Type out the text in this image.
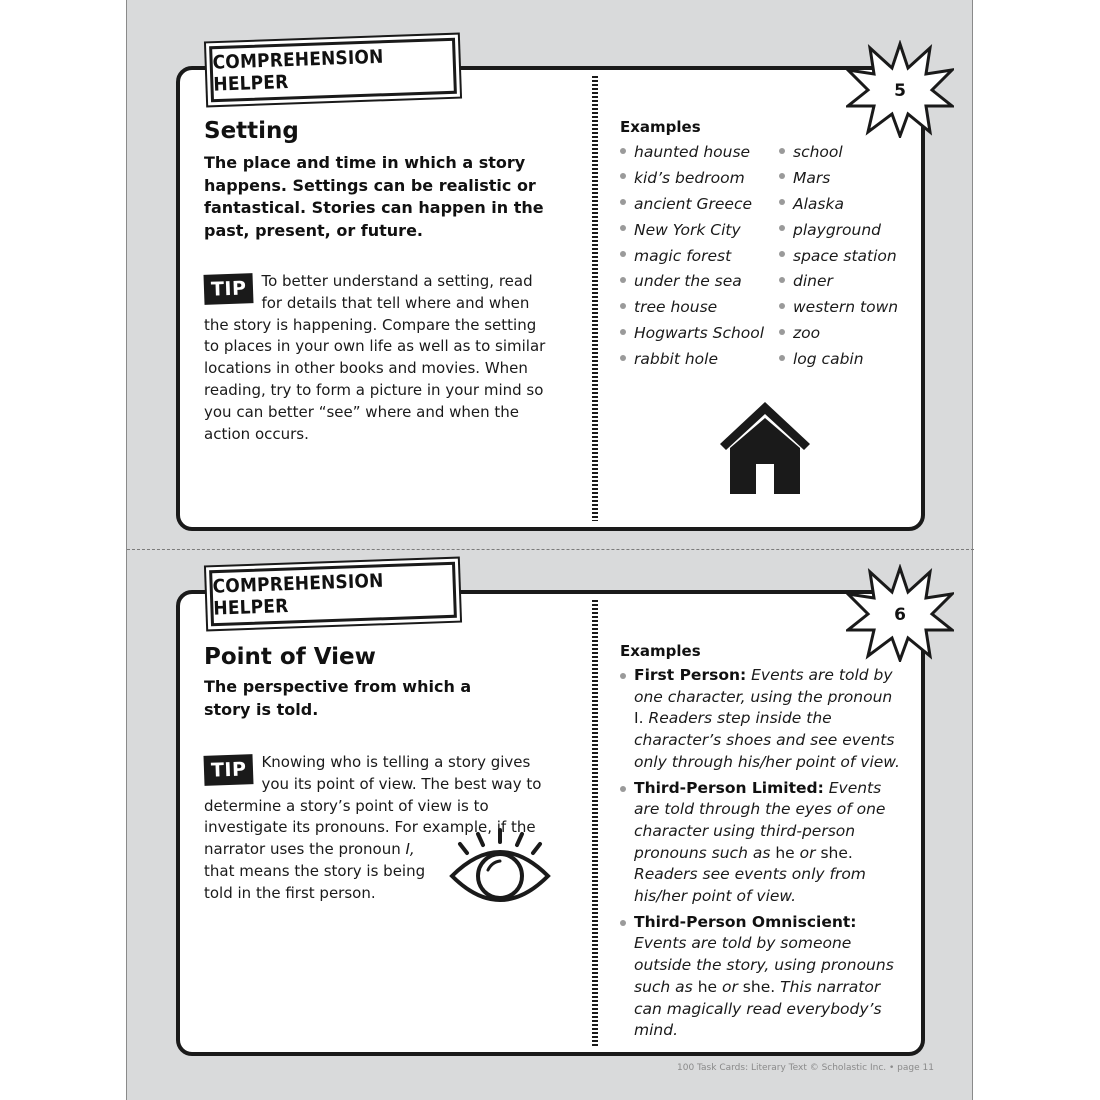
COMPREHENSION HELPER	5
Setting
The place and time in which a story happens. Settings can be realistic or fantastical. Stories can happen in the past, present, or future.
TIP To better understand a setting, read for details that tell where and when the story is happening. Compare the setting to places in your own life as well as to similar locations in other books and movies. When reading, try to form a picture in your mind so you can better “see” where and when the action occurs.
Examples
haunted house
kid’s bedroom
ancient Greece
New York City
magic forest
under the sea
tree house
Hogwarts School
rabbit hole
school
Mars
Alaska
playground
space station
diner
western town
zoo
log cabin
COMPREHENSION HELPER	6
Point of View
The perspective from which a story is told.
TIP Knowing who is telling a story gives you its point of view. The best way to determine a story’s point of view is to investigate its pronouns. For example, if the narrator uses the pronoun I,
that means the story is being told in the first person.
Examples
First Person: Events are told by one character, using the pronoun I. Readers step inside the character’s shoes and see events only through his/her point of view.
Third-Person Limited: Events are told through the eyes of one character using third-person pronouns such as he or she. Readers see events only from his/her point of view.
Third-Person Omniscient: Events are told by someone outside the story, using pronouns such as he or she. This narrator can magically read everybody’s mind.
100 Task Cards: Literary Text © Scholastic Inc. • page 11
